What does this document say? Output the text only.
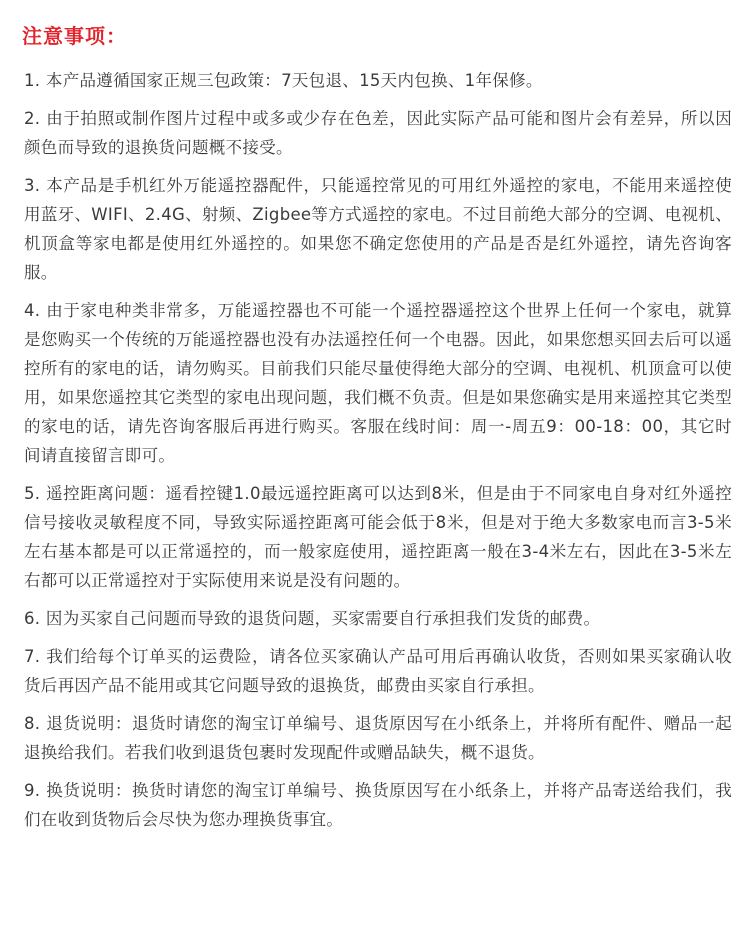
注意事项：

1. 本产品遵循国家正规三包政策：7天包退、15天内包换、1年保修。

2. 由于拍照或制作图片过程中或多或少存在色差，因此实际产品可能和图片会有差异，所以因颜色而导致的退换货问题概不接受。

3. 本产品是手机红外万能遥控器配件，只能遥控常见的可用红外遥控的家电，不能用来遥控使用蓝牙、WIFI、2.4G、射频、Zigbee等方式遥控的家电。不过目前绝大部分的空调、电视机、机顶盒等家电都是使用红外遥控的。如果您不确定您使用的产品是否是红外遥控，请先咨询客服。

4. 由于家电种类非常多，万能遥控器也不可能一个遥控器遥控这个世界上任何一个家电，就算是您购买一个传统的万能遥控器也没有办法遥控任何一个电器。因此，如果您想买回去后可以遥控所有的家电的话，请勿购买。目前我们只能尽量使得绝大部分的空调、电视机、机顶盒可以使用，如果您遥控其它类型的家电出现问题，我们概不负责。但是如果您确实是用来遥控其它类型的家电的话，请先咨询客服后再进行购买。客服在线时间：周一-周五9：00-18：00，其它时间请直接留言即可。

5. 遥控距离问题：遥看控键1.0最远遥控距离可以达到8米，但是由于不同家电自身对红外遥控信号接收灵敏程度不同，导致实际遥控距离可能会低于8米，但是对于绝大多数家电而言3-5米左右基本都是可以正常遥控的，而一般家庭使用，遥控距离一般在3-4米左右，因此在3-5米左右都可以正常遥控对于实际使用来说是没有问题的。

6. 因为买家自己问题而导致的退货问题，买家需要自行承担我们发货的邮费。

7. 我们给每个订单买的运费险，请各位买家确认产品可用后再确认收货，否则如果买家确认收货后再因产品不能用或其它问题导致的退换货，邮费由买家自行承担。

8. 退货说明：退货时请您的淘宝订单编号、退货原因写在小纸条上，并将所有配件、赠品一起退换给我们。若我们收到退货包裹时发现配件或赠品缺失，概不退货。

9. 换货说明：换货时请您的淘宝订单编号、换货原因写在小纸条上，并将产品寄送给我们，我们在收到货物后会尽快为您办理换货事宜。
